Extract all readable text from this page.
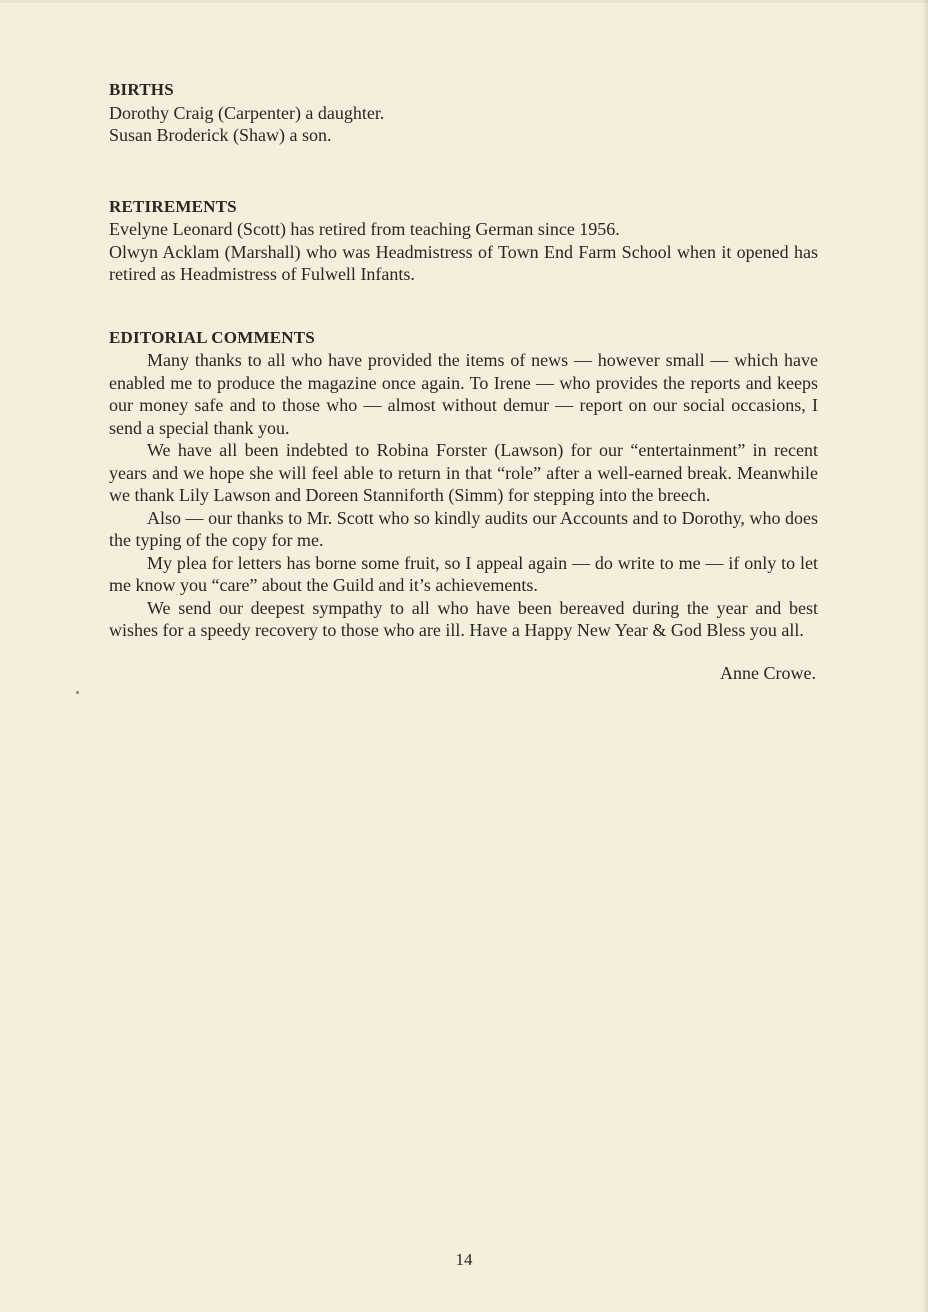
BIRTHS

Dorothy Craig (Carpenter) a daughter.

Susan Broderick (Shaw) a son.

RETIREMENTS

Evelyne Leonard (Scott) has retired from teaching German since 1956.

Olwyn Acklam (Marshall) who was Headmistress of Town End Farm School when it opened has retired as Headmistress of Fulwell Infants.

EDITORIAL COMMENTS

Many thanks to all who have provided the items of news — however small — which have enabled me to produce the magazine once again. To Irene — who provides the reports and keeps our money safe and to those who — almost without demur — report on our social occasions, I send a special thank you.

We have all been indebted to Robina Forster (Lawson) for our “entertainment” in recent years and we hope she will feel able to return in that “role” after a well-earned break. Meanwhile we thank Lily Lawson and Doreen Stanniforth (Simm) for stepping into the breech.

Also — our thanks to Mr. Scott who so kindly audits our Accounts and to Dorothy, who does the typing of the copy for me.

My plea for letters has borne some fruit, so I appeal again — do write to me — if only to let me know you “care” about the Guild and it’s achievements.

We send our deepest sympathy to all who have been bereaved during the year and best wishes for a speedy recovery to those who are ill. Have a Happy New Year & God Bless you all.

Anne Crowe.

14
